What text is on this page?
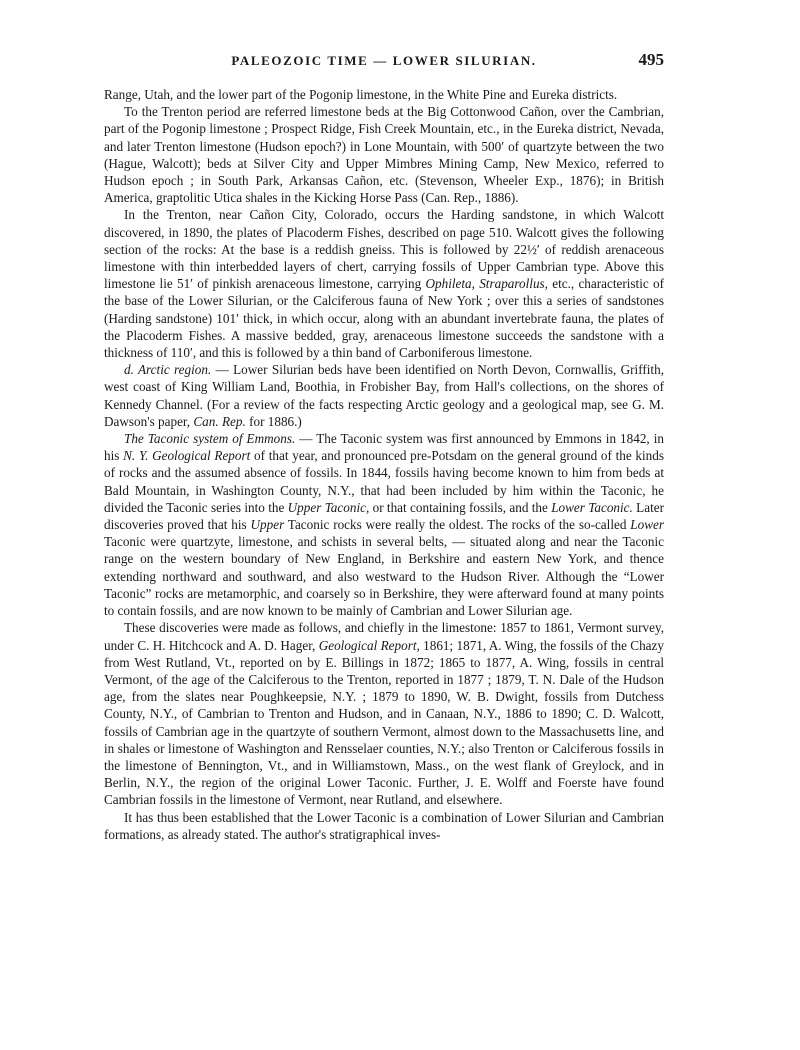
PALEOZOIC TIME — LOWER SILURIAN.	495

Range, Utah, and the lower part of the Pogonip limestone, in the White Pine and Eureka districts.

To the Trenton period are referred limestone beds at the Big Cottonwood Cañon, over the Cambrian, part of the Pogonip limestone ; Prospect Ridge, Fish Creek Mountain, etc., in the Eureka district, Nevada, and later Trenton limestone (Hudson epoch?) in Lone Mountain, with 500′ of quartzyte between the two (Hague, Walcott); beds at Silver City and Upper Mimbres Mining Camp, New Mexico, referred to Hudson epoch ; in South Park, Arkansas Cañon, etc. (Stevenson, Wheeler Exp., 1876); in British America, graptolitic Utica shales in the Kicking Horse Pass (Can. Rep., 1886).

In the Trenton, near Cañon City, Colorado, occurs the Harding sandstone, in which Walcott discovered, in 1890, the plates of Placoderm Fishes, described on page 510. Walcott gives the following section of the rocks: At the base is a reddish gneiss. This is followed by 22½′ of reddish arenaceous limestone with thin interbedded layers of chert, carrying fossils of Upper Cambrian type. Above this limestone lie 51′ of pinkish arenaceous limestone, carrying Ophileta, Straparollus, etc., characteristic of the base of the Lower Silurian, or the Calciferous fauna of New York ; over this a series of sandstones (Harding sandstone) 101′ thick, in which occur, along with an abundant invertebrate fauna, the plates of the Placoderm Fishes. A massive bedded, gray, arenaceous limestone succeeds the sandstone with a thickness of 110′, and this is followed by a thin band of Carboniferous limestone.

d. Arctic region. — Lower Silurian beds have been identified on North Devon, Cornwallis, Griffith, west coast of King William Land, Boothia, in Frobisher Bay, from Hall's collections, on the shores of Kennedy Channel. (For a review of the facts respecting Arctic geology and a geological map, see G. M. Dawson's paper, Can. Rep. for 1886.)

The Taconic system of Emmons. — The Taconic system was first announced by Emmons in 1842, in his N. Y. Geological Report of that year, and pronounced pre-Potsdam on the general ground of the kinds of rocks and the assumed absence of fossils. In 1844, fossils having become known to him from beds at Bald Mountain, in Washington County, N.Y., that had been included by him within the Taconic, he divided the Taconic series into the Upper Taconic, or that containing fossils, and the Lower Taconic. Later discoveries proved that his Upper Taconic rocks were really the oldest. The rocks of the so-called Lower Taconic were quartzyte, limestone, and schists in several belts, — situated along and near the Taconic range on the western boundary of New England, in Berkshire and eastern New York, and thence extending northward and southward, and also westward to the Hudson River. Although the “Lower Taconic” rocks are metamorphic, and coarsely so in Berkshire, they were afterward found at many points to contain fossils, and are now known to be mainly of Cambrian and Lower Silurian age.

These discoveries were made as follows, and chiefly in the limestone: 1857 to 1861, Vermont survey, under C. H. Hitchcock and A. D. Hager, Geological Report, 1861; 1871, A. Wing, the fossils of the Chazy from West Rutland, Vt., reported on by E. Billings in 1872; 1865 to 1877, A. Wing, fossils in central Vermont, of the age of the Calciferous to the Trenton, reported in 1877 ; 1879, T. N. Dale of the Hudson age, from the slates near Poughkeepsie, N.Y. ; 1879 to 1890, W. B. Dwight, fossils from Dutchess County, N.Y., of Cambrian to Trenton and Hudson, and in Canaan, N.Y., 1886 to 1890; C. D. Walcott, fossils of Cambrian age in the quartzyte of southern Vermont, almost down to the Massachusetts line, and in shales or limestone of Washington and Rensselaer counties, N.Y.; also Trenton or Calciferous fossils in the limestone of Bennington, Vt., and in Williamstown, Mass., on the west flank of Greylock, and in Berlin, N.Y., the region of the original Lower Taconic. Further, J. E. Wolff and Foerste have found Cambrian fossils in the limestone of Vermont, near Rutland, and elsewhere.

It has thus been established that the Lower Taconic is a combination of Lower Silurian and Cambrian formations, as already stated. The author's stratigraphical inves-
